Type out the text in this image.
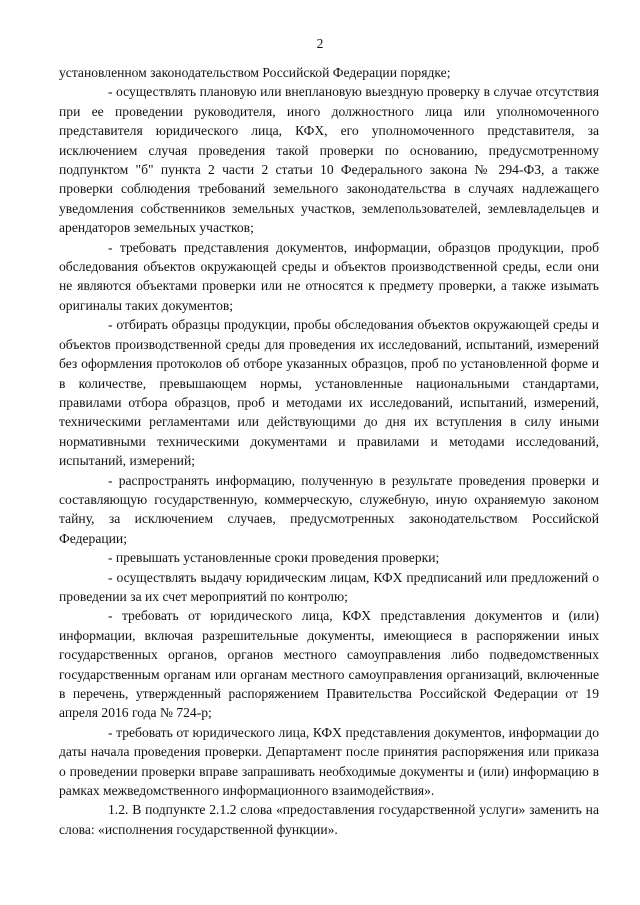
2

установленном законодательством Российской Федерации порядке;

- осуществлять плановую или внеплановую выездную проверку в случае отсутствия при ее проведении руководителя, иного должностного лица или уполномоченного представителя юридического лица, КФХ, его уполномоченного представителя, за исключением случая проведения такой проверки по основанию, предусмотренному подпунктом "б" пункта 2 части 2 статьи 10 Федерального закона № 294-ФЗ, а также проверки соблюдения требований земельного законодательства в случаях надлежащего уведомления собственников земельных участков, землепользователей, землевладельцев и арендаторов земельных участков;

- требовать представления документов, информации, образцов продукции, проб обследования объектов окружающей среды и объектов производственной среды, если они не являются объектами проверки или не относятся к предмету проверки, а также изымать оригиналы таких документов;

- отбирать образцы продукции, пробы обследования объектов окружающей среды и объектов производственной среды для проведения их исследований, испытаний, измерений без оформления протоколов об отборе указанных образцов, проб по установленной форме и в количестве, превышающем нормы, установленные национальными стандартами, правилами отбора образцов, проб и методами их исследований, испытаний, измерений, техническими регламентами или действующими до дня их вступления в силу иными нормативными техническими документами и правилами и методами исследований, испытаний, измерений;

- распространять информацию, полученную в результате проведения проверки и составляющую государственную, коммерческую, служебную, иную охраняемую законом тайну, за исключением случаев, предусмотренных законодательством Российской Федерации;

- превышать установленные сроки проведения проверки;

- осуществлять выдачу юридическим лицам, КФХ предписаний или предложений о проведении за их счет мероприятий по контролю;

- требовать от юридического лица, КФХ представления документов и (или) информации, включая разрешительные документы, имеющиеся в распоряжении иных государственных органов, органов местного самоуправления либо подведомственных государственным органам или органам местного самоуправления организаций, включенные в перечень, утвержденный распоряжением Правительства Российской Федерации от 19 апреля 2016 года № 724-р;

- требовать от юридического лица, КФХ представления документов, информации до даты начала проведения проверки. Департамент после принятия распоряжения или приказа о проведении проверки вправе запрашивать необходимые документы и (или) информацию в рамках межведомственного информационного взаимодействия».

1.2. В подпункте 2.1.2 слова «предоставления государственной услуги» заменить на слова: «исполнения государственной функции».
